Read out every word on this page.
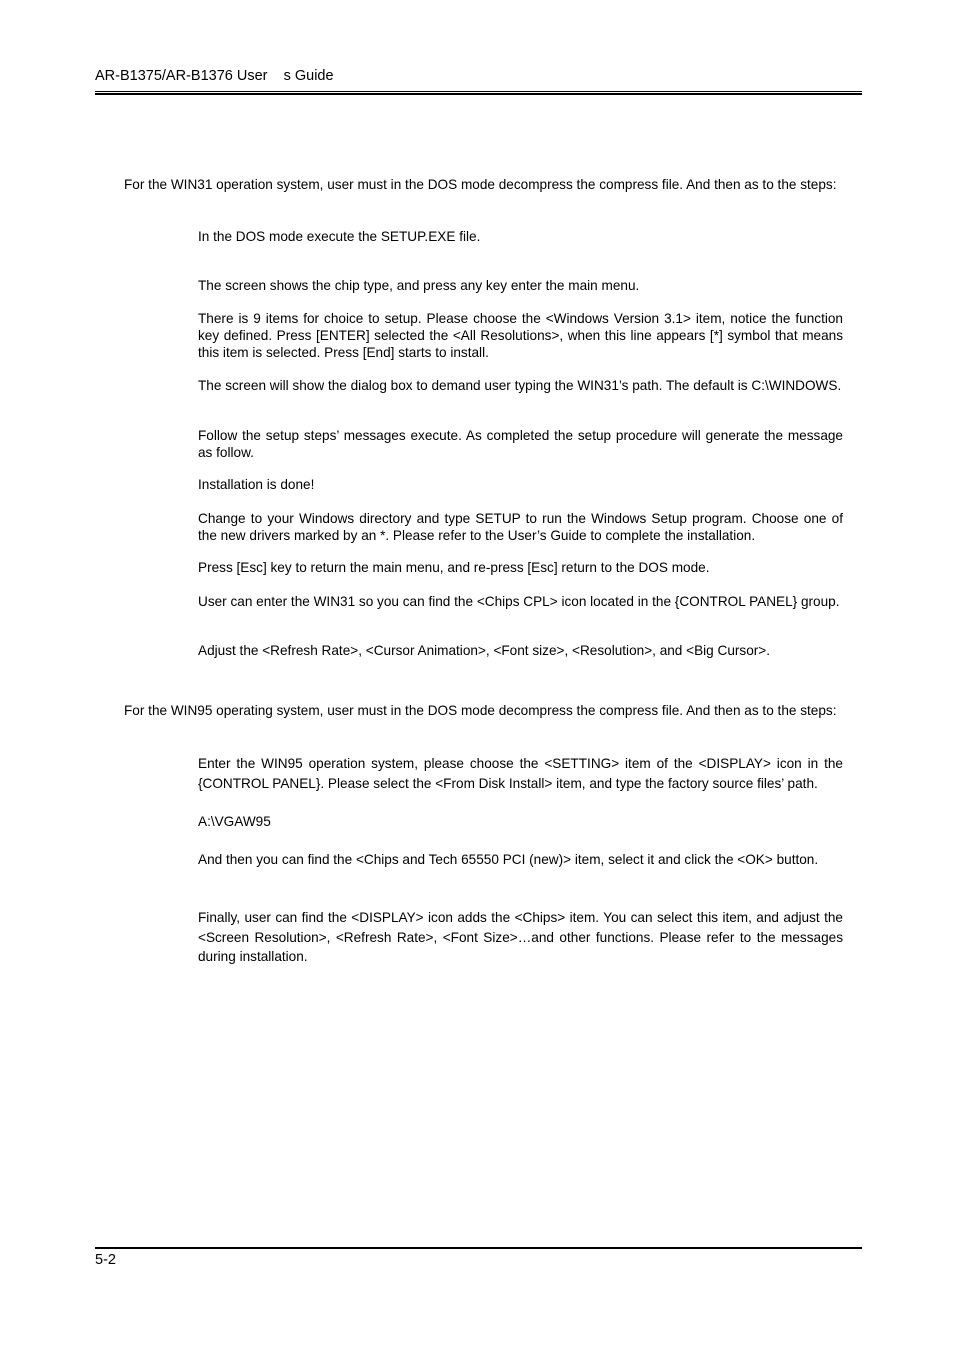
AR-B1375/AR-B1376 User    s Guide

For the WIN31 operation system, user must in the DOS mode decompress the compress file. And then as to the steps:

In the DOS mode execute the SETUP.EXE file.

The screen shows the chip type, and press any key enter the main menu.

There is 9 items for choice to setup. Please choose the <Windows Version 3.1> item, notice the function key defined. Press [ENTER] selected the <All Resolutions>, when this line appears [*] symbol that means this item is selected. Press [End] starts to install.

The screen will show the dialog box to demand user typing the WIN31’s path. The default is C:\WINDOWS.

Follow the setup steps’ messages execute. As completed the setup procedure will generate the message as follow.

Installation is done!

Change to your Windows directory and type SETUP to run the Windows Setup program. Choose one of the new drivers marked by an *. Please refer to the User’s Guide to complete the installation.

Press [Esc] key to return the main menu, and re-press [Esc] return to the DOS mode.

User can enter the WIN31 so you can find the <Chips CPL> icon located in the {CONTROL PANEL} group.

Adjust the <Refresh Rate>, <Cursor Animation>, <Font size>, <Resolution>, and <Big Cursor>.

For the WIN95 operating system, user must in the DOS mode decompress the compress file. And then as to the steps:

Enter the WIN95 operation system, please choose the <SETTING> item of the <DISPLAY> icon in the {CONTROL PANEL}. Please select the <From Disk Install> item, and type the factory source files’ path.

A:\VGAW95

And then you can find the <Chips and Tech 65550 PCI (new)> item, select it and click the <OK> button.

Finally, user can find the <DISPLAY> icon adds the <Chips> item. You can select this item, and adjust the <Screen Resolution>, <Refresh Rate>, <Font Size>…and other functions. Please refer to the messages during installation.

5-2
